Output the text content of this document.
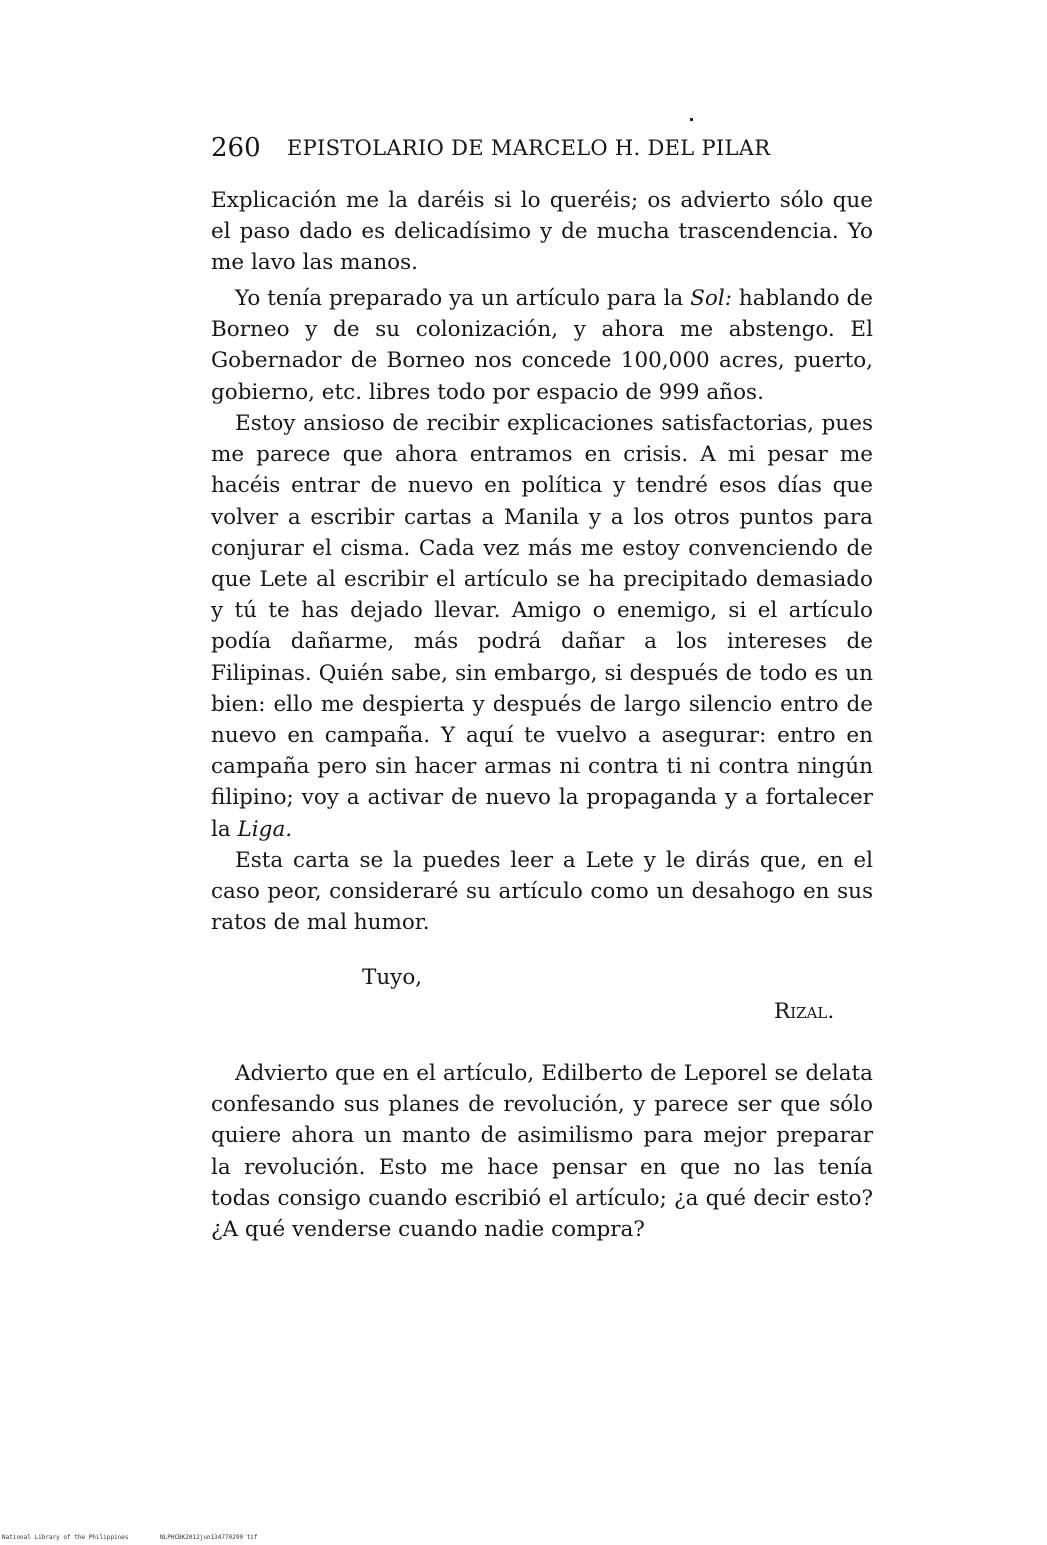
260 EPISTOLARIO DE MARCELO H. DEL PILAR

Explicación me la daréis si lo queréis; os advierto sólo que el paso dado es delicadísimo y de mucha trascendencia. Yo me lavo las manos.

Yo tenía preparado ya un artículo para la Sol: hablando de Borneo y de su colonización, y ahora me abstengo. El Gobernador de Borneo nos concede 100,000 acres, puerto, gobierno, etc. libres todo por espacio de 999 años.

Estoy ansioso de recibir explicaciones satisfactorias, pues me parece que ahora entramos en crisis. A mi pesar me hacéis entrar de nuevo en política y tendré esos días que volver a escribir cartas a Manila y a los otros puntos para conjurar el cisma. Cada vez más me estoy convenciendo de que Lete al escribir el artículo se ha precipitado demasiado y tú te has dejado llevar. Amigo o enemigo, si el artículo podía dañarme, más podrá dañar a los intereses de Filipinas. Quién sabe, sin embargo, si después de todo es un bien: ello me despierta y después de largo silencio entro de nuevo en campaña. Y aquí te vuelvo a asegurar: entro en campaña pero sin hacer armas ni contra ti ni contra ningún filipino; voy a activar de nuevo la propaganda y a fortalecer la Liga.

Esta carta se la puedes leer a Lete y le dirás que, en el caso peor, consideraré su artículo como un desahogo en sus ratos de mal humor.

Tuyo,
Rizal.

Advierto que en el artículo, Edilberto de Leporel se delata confesando sus planes de revolución, y parece ser que sólo quiere ahora un manto de asimilismo para mejor preparar la revolución. Esto me hace pensar en que no las tenía todas consigo cuando escribió el artículo; ¿a qué decir esto? ¿A qué venderse cuando nadie compra?

National Library of the Philippines	NLPHCBK2012jun134770290 tif
